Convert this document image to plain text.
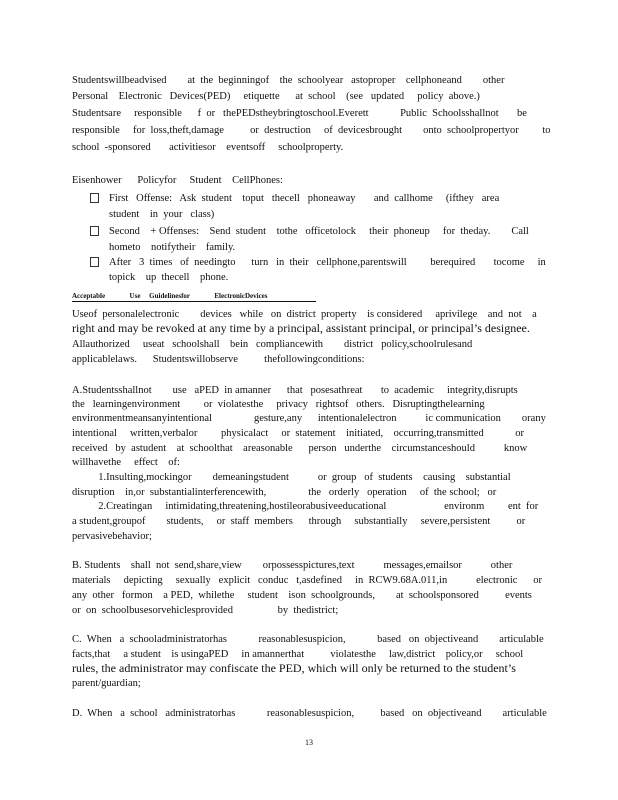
Studentswillbeadvised        at  the  beginningof    the  schoolyear   astoproper    cellphoneand        other

Personal    Electronic   Devices(PED)     etiquette      at  school    (see   updated     policy  above.)

Studentsare     responsible      f  or   thePEDstheybringtoschool.Everett            Public  Schoolsshallnot       be

responsible     for  loss,theft,damage          or  destruction     of  devicesbrought        onto  schoolpropertyor         to

school  -sponsored       activitiesor    eventsoff     schoolproperty.

Eisenhower      Policyfor     Student    CellPhones:

First   Offense:   Ask  student    toput   thecell   phoneaway       and  callhome     (ifthey   area

student    in  your   class)

Second    + Offenses:    Send  student    tothe   officetolock     their  phoneup     for  theday.        Call

hometo    notifytheir    family.

After   3  times   of  needingto      turn   in  their   cellphone,parentswill         berequired       tocome     in

topick    up  thecell    phone.

Acceptable              Use     Guidelinesfor              ElectronicDevices

Useof  personalelectronic        devices   while   on  district  property    is considered     aprivilege    and  not    a

right and may be revoked at any time by a principal, assistant principal, or principal’s designee.

Allauthorized     useat   schoolshall    bein   compliancewith        district   policy,schoolrulesand

applicablelaws.      Studentswillobserve          thefollowingconditions:

A.Studentsshallnot        use   aPED  in amanner      that   posesathreat       to  academic     integrity,disrupts

the   learningenvironment         or  violatesthe     privacy   rightsof   others.   Disruptingthelearning

environmentmeansanyintentional                gesture,any      intentionalelectron           ic communication        orany

intentional     written,verbalor         physicalact     or  statement    initiated,    occurring,transmitted            or

received   by  astudent    at  schoolthat    areasonable      person   underthe    circumstanceshould           know

willhavethe     effect    of:

1.Insulting,mockingor        demeaningstudent           or  group   of  students    causing    substantial

disruption    in,or  substantialinterferencewith,                the   orderly   operation     of  the school;   or

2.Creatingan     intimidating,threatening,hostileorabusiveeducational                      environm         ent  for

a student,groupof        students,     or  staff  members      through     substantially     severe,persistent          or

pervasivebehavior;

B. Students    shall  not  send,share,view        orpossesspictures,text           messages,emailsor           other

materials     depicting     sexually   explicit   conduc   t,asdefined     in  RCW9.68A.011,in           electronic      or

any  other   formon    a PED,  whilethe     student    ison  schoolgrounds,        at  schoolsponsored          events

or  on  schoolbusesorvehiclesprovided                 by  thedistrict;

C.  When   a  schooladministratorhas            reasonablesuspicion,            based   on  objectiveand        articulable

facts,that     a student    is usingaPED     in amannerthat          violatesthe     law,district    policy,or     school

rules, the administrator may confiscate the PED, which will only be returned to the student’s

parent/guardian;

D.  When   a  school   administratorhas            reasonablesuspicion,          based   on  objectiveand        articulable

13
